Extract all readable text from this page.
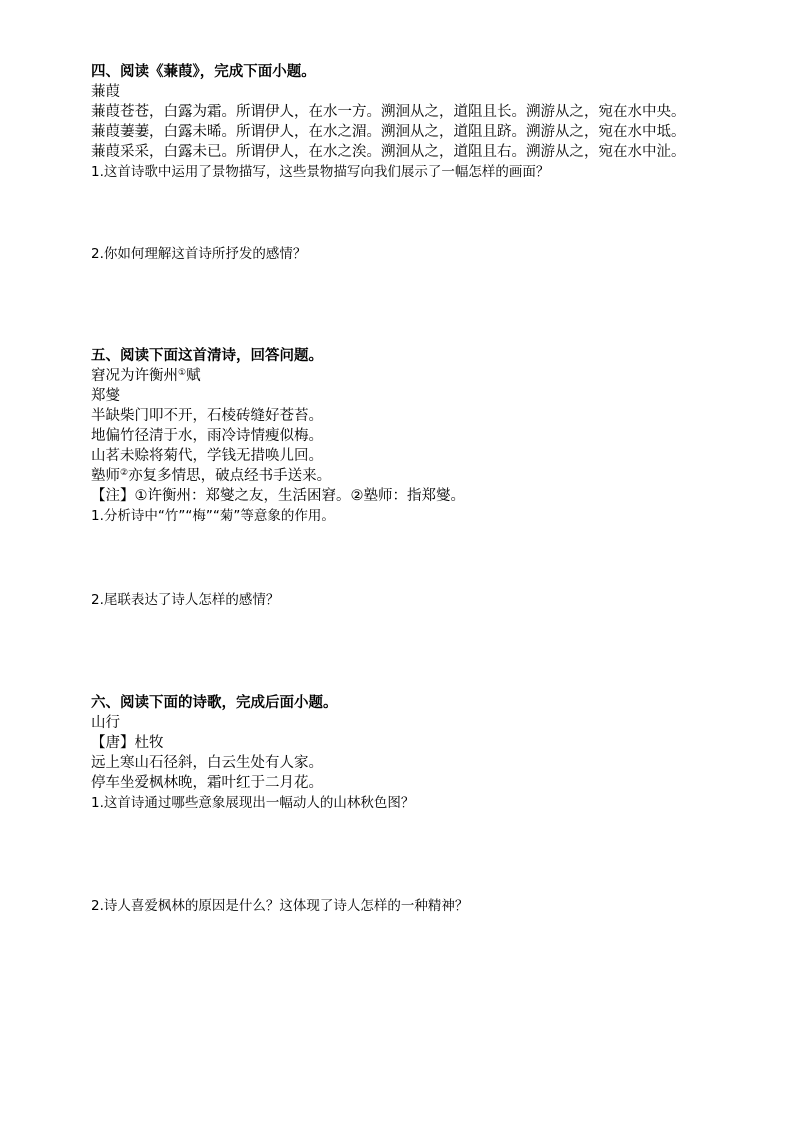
四、阅读《蒹葭》，完成下面小题。
蒹葭
蒹葭苍苍，白露为霜。所谓伊人，在水一方。溯洄从之，道阻且长。溯游从之，宛在水中央。
蒹葭萋萋，白露未晞。所谓伊人，在水之湄。溯洄从之，道阻且跻。溯游从之，宛在水中坻。
蒹葭采采，白露未已。所谓伊人，在水之涘。溯洄从之，道阻且右。溯游从之，宛在水中沚。
1.这首诗歌中运用了景物描写，这些景物描写向我们展示了一幅怎样的画面？
2.你如何理解这首诗所抒发的感情？
五、阅读下面这首清诗，回答问题。
窘况为许衡州①赋
郑燮
半缺柴门叩不开，石棱砖缝好苍苔。
地偏竹径清于水，雨冷诗情瘦似梅。
山茗未赊将菊代，学钱无措唤儿回。
塾师②亦复多情思，破点经书手送来。
【注】①许衡州：郑燮之友，生活困窘。②塾师：指郑燮。
1.分析诗中“竹”“梅”“菊”等意象的作用。
2.尾联表达了诗人怎样的感情？
六、阅读下面的诗歌，完成后面小题。
山行
【唐】杜牧
远上寒山石径斜，白云生处有人家。
停车坐爱枫林晚，霜叶红于二月花。
1.这首诗通过哪些意象展现出一幅动人的山林秋色图？
2.诗人喜爱枫林的原因是什么？这体现了诗人怎样的一种精神？
